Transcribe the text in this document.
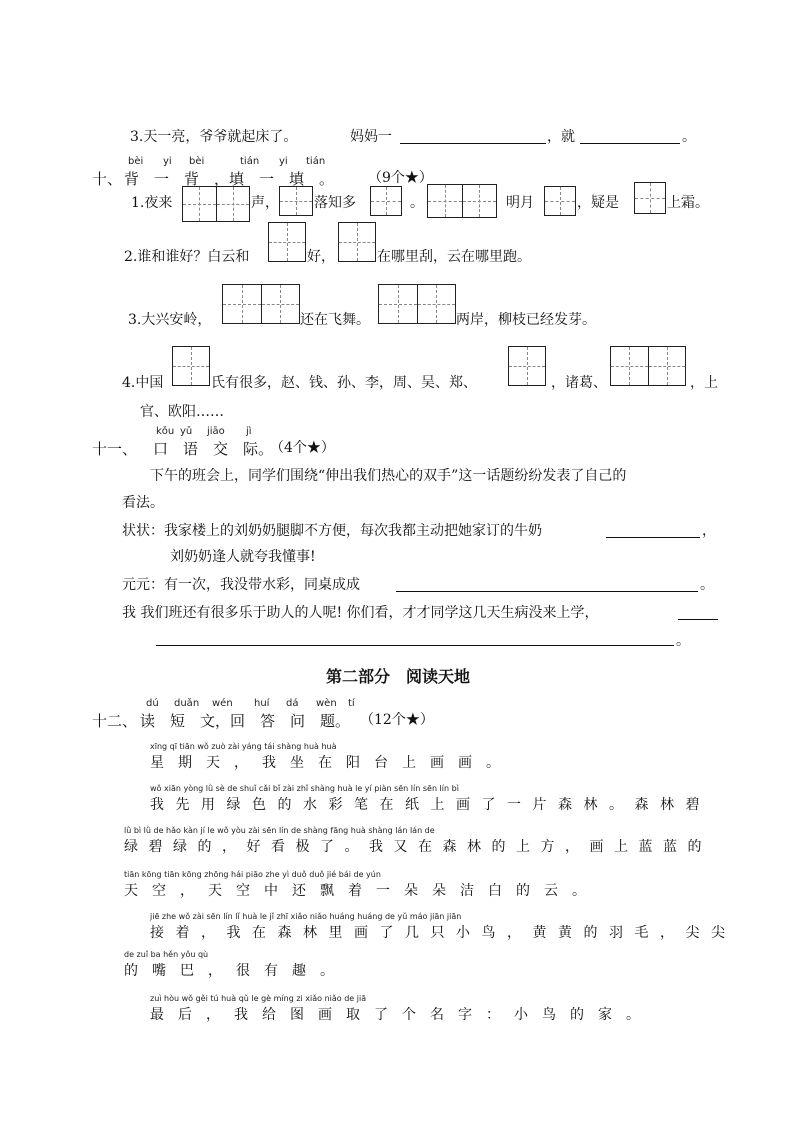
3.天一亮，爷爷就起床了。	妈妈一	，就	。
bèi yi bèi	tián yi tián
十、 背　一　背　，填　一　填　。 （9个★）
1.夜来	声，	落知多	。	明月	，疑是	上霜。
2.谁和谁好？白云和	好，	在哪里刮，云在哪里跑。
3.大兴安岭，	还在飞舞。	两岸，柳枝已经发芽。
4.中国	氏有很多，赵、钱、孙、李，周、吴、郑、	，诸葛、	，上
官、欧阳……
kǒu yǔ jiāo jì
十一、 口　语　交　际。
（4个★）
下午的班会上，同学们围绕“伸出我们热心的双手”这一话题纷纷发表了自己的
看法。
状状：我家楼上的刘奶奶腿脚不方便，每次我都主动把她家订的牛奶	，
刘奶奶逢人就夸我懂事!
元元：有一次，我没带水彩，同桌成成	。
我 我们班还有很多乐于助人的人呢! 你们看，才才同学这几天生病没来上学，
。
第二部分　阅读天地
dú duǎn wén huí dá wèn tí
十二、 读　短　文，回　答　问　题。 （12个★）
xīng qī tiān wǒ zuò zài yáng tái shàng huà huà
星期天，我坐在阳台上画画。
wǒ xiān yòng lǜ sè de shuǐ cǎi bǐ zài zhǐ shàng huà le yí piàn sēn lín sēn lín bì
我先用绿色的水彩笔在纸上画了一片森林。森林碧
lǜ bì lǜ de hǎo kàn jí le wǒ yòu zài sēn lín de shàng fāng huà shàng lán lán de
绿碧绿的，好看极了。我又在森林的上方，画上蓝蓝的
tiān kōng tiān kōng zhōng hái piāo zhe yì duǒ duǒ jié bái de yún
天空，天空中还飘着一朵朵洁白的云。
jiē zhe wǒ zài sēn lín lǐ huà le jǐ zhī xiǎo niǎo huáng huáng de yǔ máo jiān jiān
接着，我在森林里画了几只小鸟，黄黄的羽毛，尖尖
de zuǐ ba hěn yǒu qù
的嘴巴，很有趣。
zuì hòu wǒ gěi tú huà qǔ le gè míng zi xiǎo niǎo de jiā
最后，我给图画取了个名字：小鸟的家。
